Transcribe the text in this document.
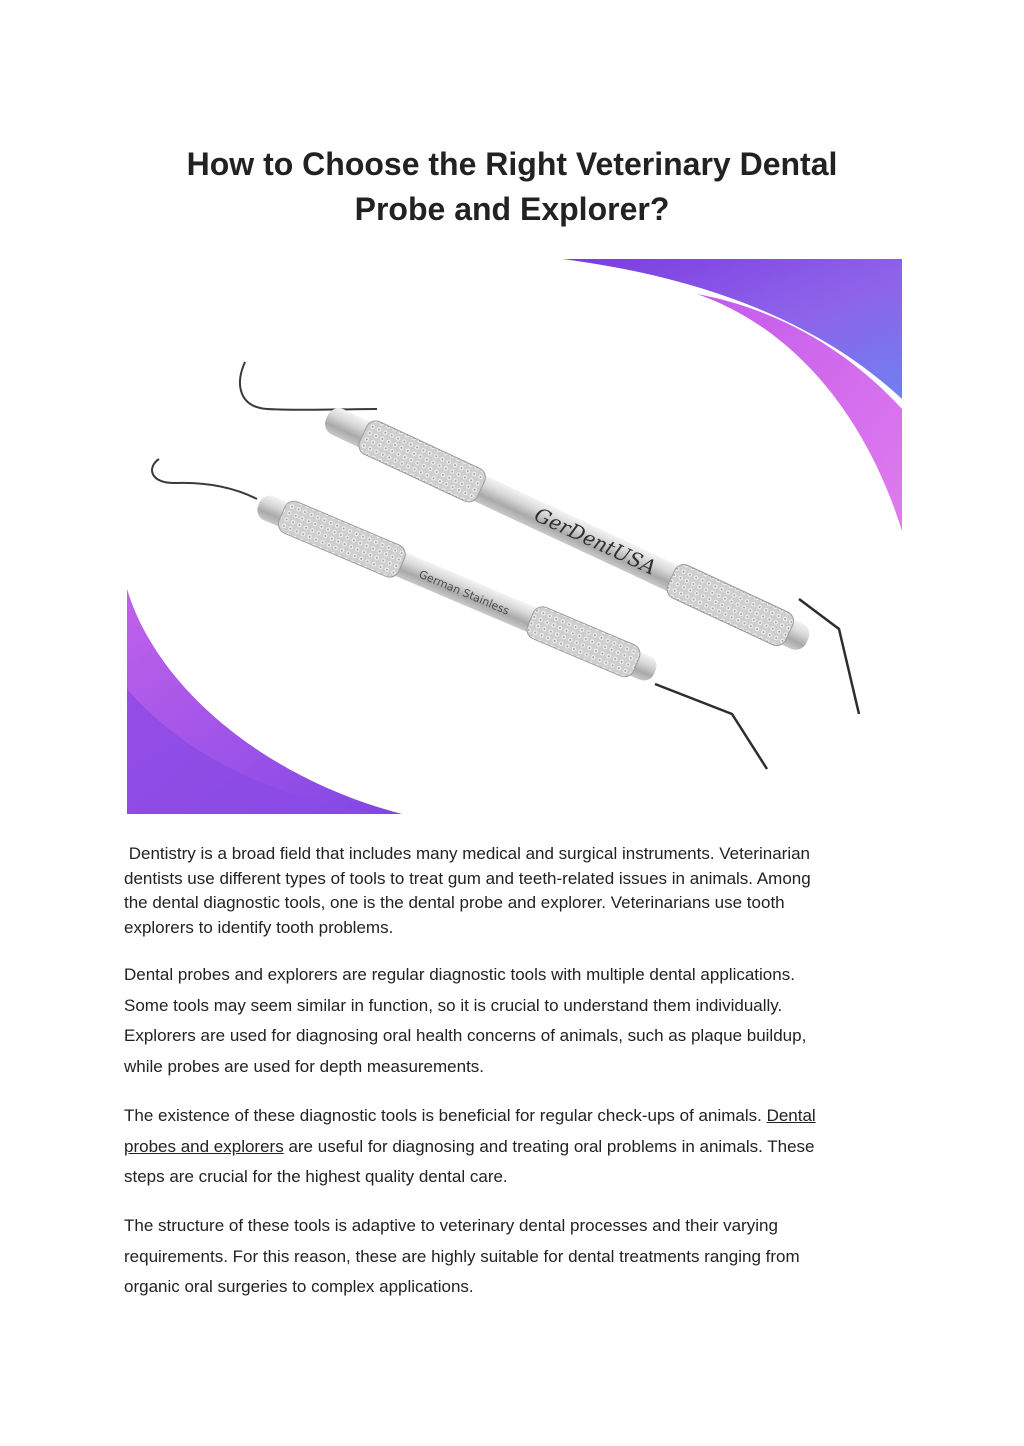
How to Choose the Right Veterinary Dental
Probe and Explorer?
GerDentUSA
German Stainless

Dentistry is a broad field that includes many medical and surgical instruments. Veterinarian
dentists use different types of tools to treat gum and teeth-related issues in animals. Among
the dental diagnostic tools, one is the dental probe and explorer. Veterinarians use tooth
explorers to identify tooth problems.

Dental probes and explorers are regular diagnostic tools with multiple dental applications.
Some tools may seem similar in function, so it is crucial to understand them individually.
Explorers are used for diagnosing oral health concerns of animals, such as plaque buildup,
while probes are used for depth measurements.

The existence of these diagnostic tools is beneficial for regular check-ups of animals. Dental
probes and explorers are useful for diagnosing and treating oral problems in animals. These
steps are crucial for the highest quality dental care.

The structure of these tools is adaptive to veterinary dental processes and their varying
requirements. For this reason, these are highly suitable for dental treatments ranging from
organic oral surgeries to complex applications.
